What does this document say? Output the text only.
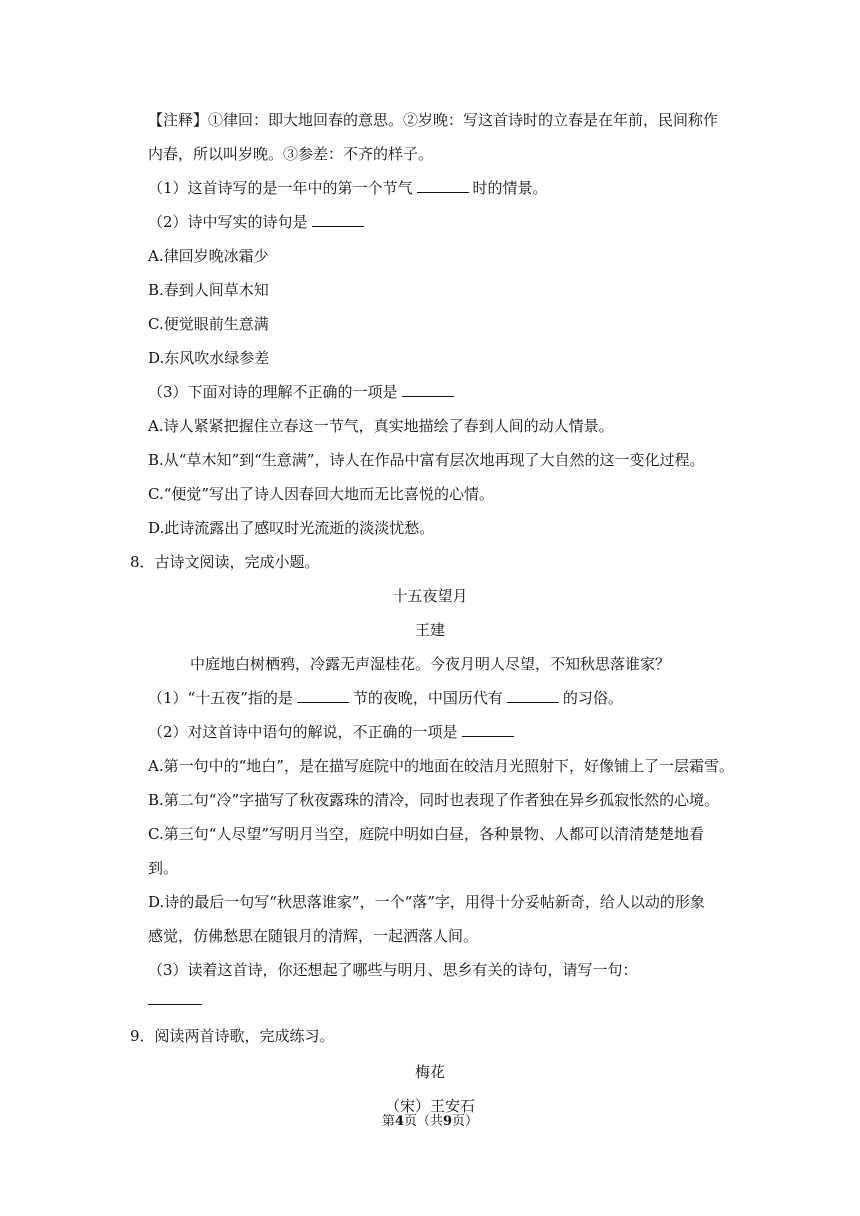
【注释】①律回：即大地回春的意思。②岁晚：写这首诗时的立春是在年前，民间称作
内春，所以叫岁晚。③参差：不齐的样子。
（1）这首诗写的是一年中的第一个节气	时的情景。
（2）诗中写实的诗句是
A.律回岁晚冰霜少
B.春到人间草木知
C.便觉眼前生意满
D.东风吹水绿参差
（3）下面对诗的理解不正确的一项是
A.诗人紧紧把握住立春这一节气，真实地描绘了春到人间的动人情景。
B.从“草木知”到“生意满”，诗人在作品中富有层次地再现了大自然的这一变化过程。
C.“便觉”写出了诗人因春回大地而无比喜悦的心情。
D.此诗流露出了感叹时光流逝的淡淡忧愁。
8．古诗文阅读，完成小题。
十五夜望月
王建
中庭地白树栖鸦，冷露无声湿桂花。今夜月明人尽望，不知秋思落谁家？
（1）“十五夜”指的是	节的夜晚，中国历代有	的习俗。
（2）对这首诗中语句的解说，不正确的一项是
A.第一句中的“地白”，是在描写庭院中的地面在皎洁月光照射下，好像铺上了一层霜雪。
B.第二句“冷”字描写了秋夜露珠的清冷，同时也表现了作者独在异乡孤寂怅然的心境。
C.第三句“人尽望”写明月当空，庭院中明如白昼，各种景物、人都可以清清楚楚地看
到。
D.诗的最后一句写“秋思落谁家”，一个“落”字，用得十分妥帖新奇，给人以动的形象
感觉，仿佛愁思在随银月的清辉，一起洒落人间。
（3）读着这首诗，你还想起了哪些与明月、思乡有关的诗句，请写一句：
9．阅读两首诗歌，完成练习。
梅花
（宋）王安石
第4页（共9页）
